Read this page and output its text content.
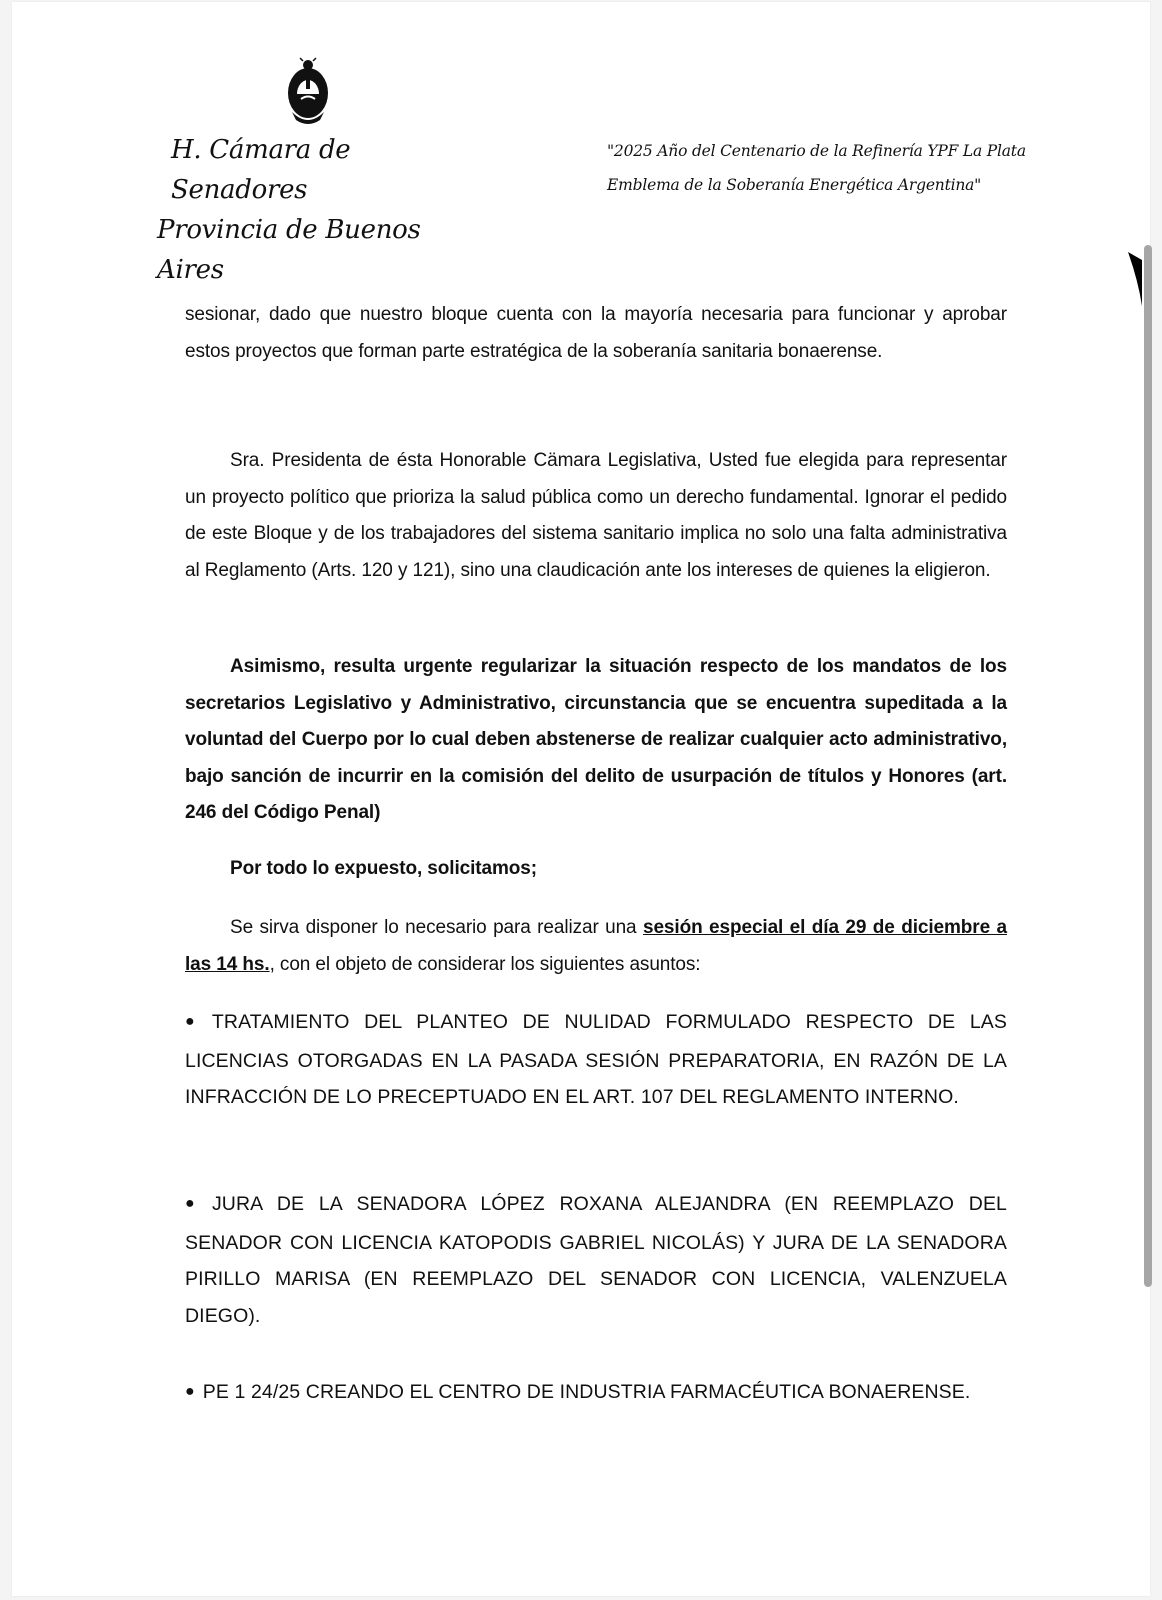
H. Cámara de Senadores
Provincia de Buenos Aires
"2025 Año del Centenario de la Refinería YPF La Plata
Emblema de la Soberanía Energética Argentina"
sesionar, dado que nuestro bloque cuenta con la mayoría necesaria para funcionar y aprobar estos proyectos que forman parte estratégica de la soberanía sanitaria bonaerense.
Sra. Presidenta de ésta Honorable Cämara Legislativa, Usted fue elegida para representar un proyecto político que prioriza la salud pública como un derecho fundamental. Ignorar el pedido de este Bloque y de los trabajadores del sistema sanitario implica no solo una falta administrativa al Reglamento (Arts. 120 y 121), sino una claudicación ante los intereses de quienes la eligieron.
Asimismo, resulta urgente regularizar la situación respecto de los mandatos de los secretarios Legislativo y Administrativo, circunstancia que se encuentra supeditada a la voluntad del Cuerpo por lo cual deben abstenerse de realizar cualquier acto administrativo, bajo sanción de incurrir en la comisión del delito de usurpación de títulos y Honores (art. 246 del Código Penal)
Por todo lo expuesto, solicitamos;
Se sirva disponer lo necesario para realizar una sesión especial el día 29 de diciembre a las 14 hs., con el objeto de considerar los siguientes asuntos:
● TRATAMIENTO DEL PLANTEO DE NULIDAD FORMULADO RESPECTO DE LAS LICENCIAS OTORGADAS EN LA PASADA SESIÓN PREPARATORIA, EN RAZÓN DE LA INFRACCIÓN DE LO PRECEPTUADO EN EL ART. 107 DEL REGLAMENTO INTERNO.
● JURA DE LA SENADORA LÓPEZ ROXANA ALEJANDRA (EN REEMPLAZO DEL SENADOR CON LICENCIA KATOPODIS GABRIEL NICOLÁS) Y JURA DE LA SENADORA PIRILLO MARISA (EN REEMPLAZO DEL SENADOR CON LICENCIA, VALENZUELA DIEGO).
● PE 1 24/25 CREANDO EL CENTRO DE INDUSTRIA FARMACÉUTICA BONAERENSE.
